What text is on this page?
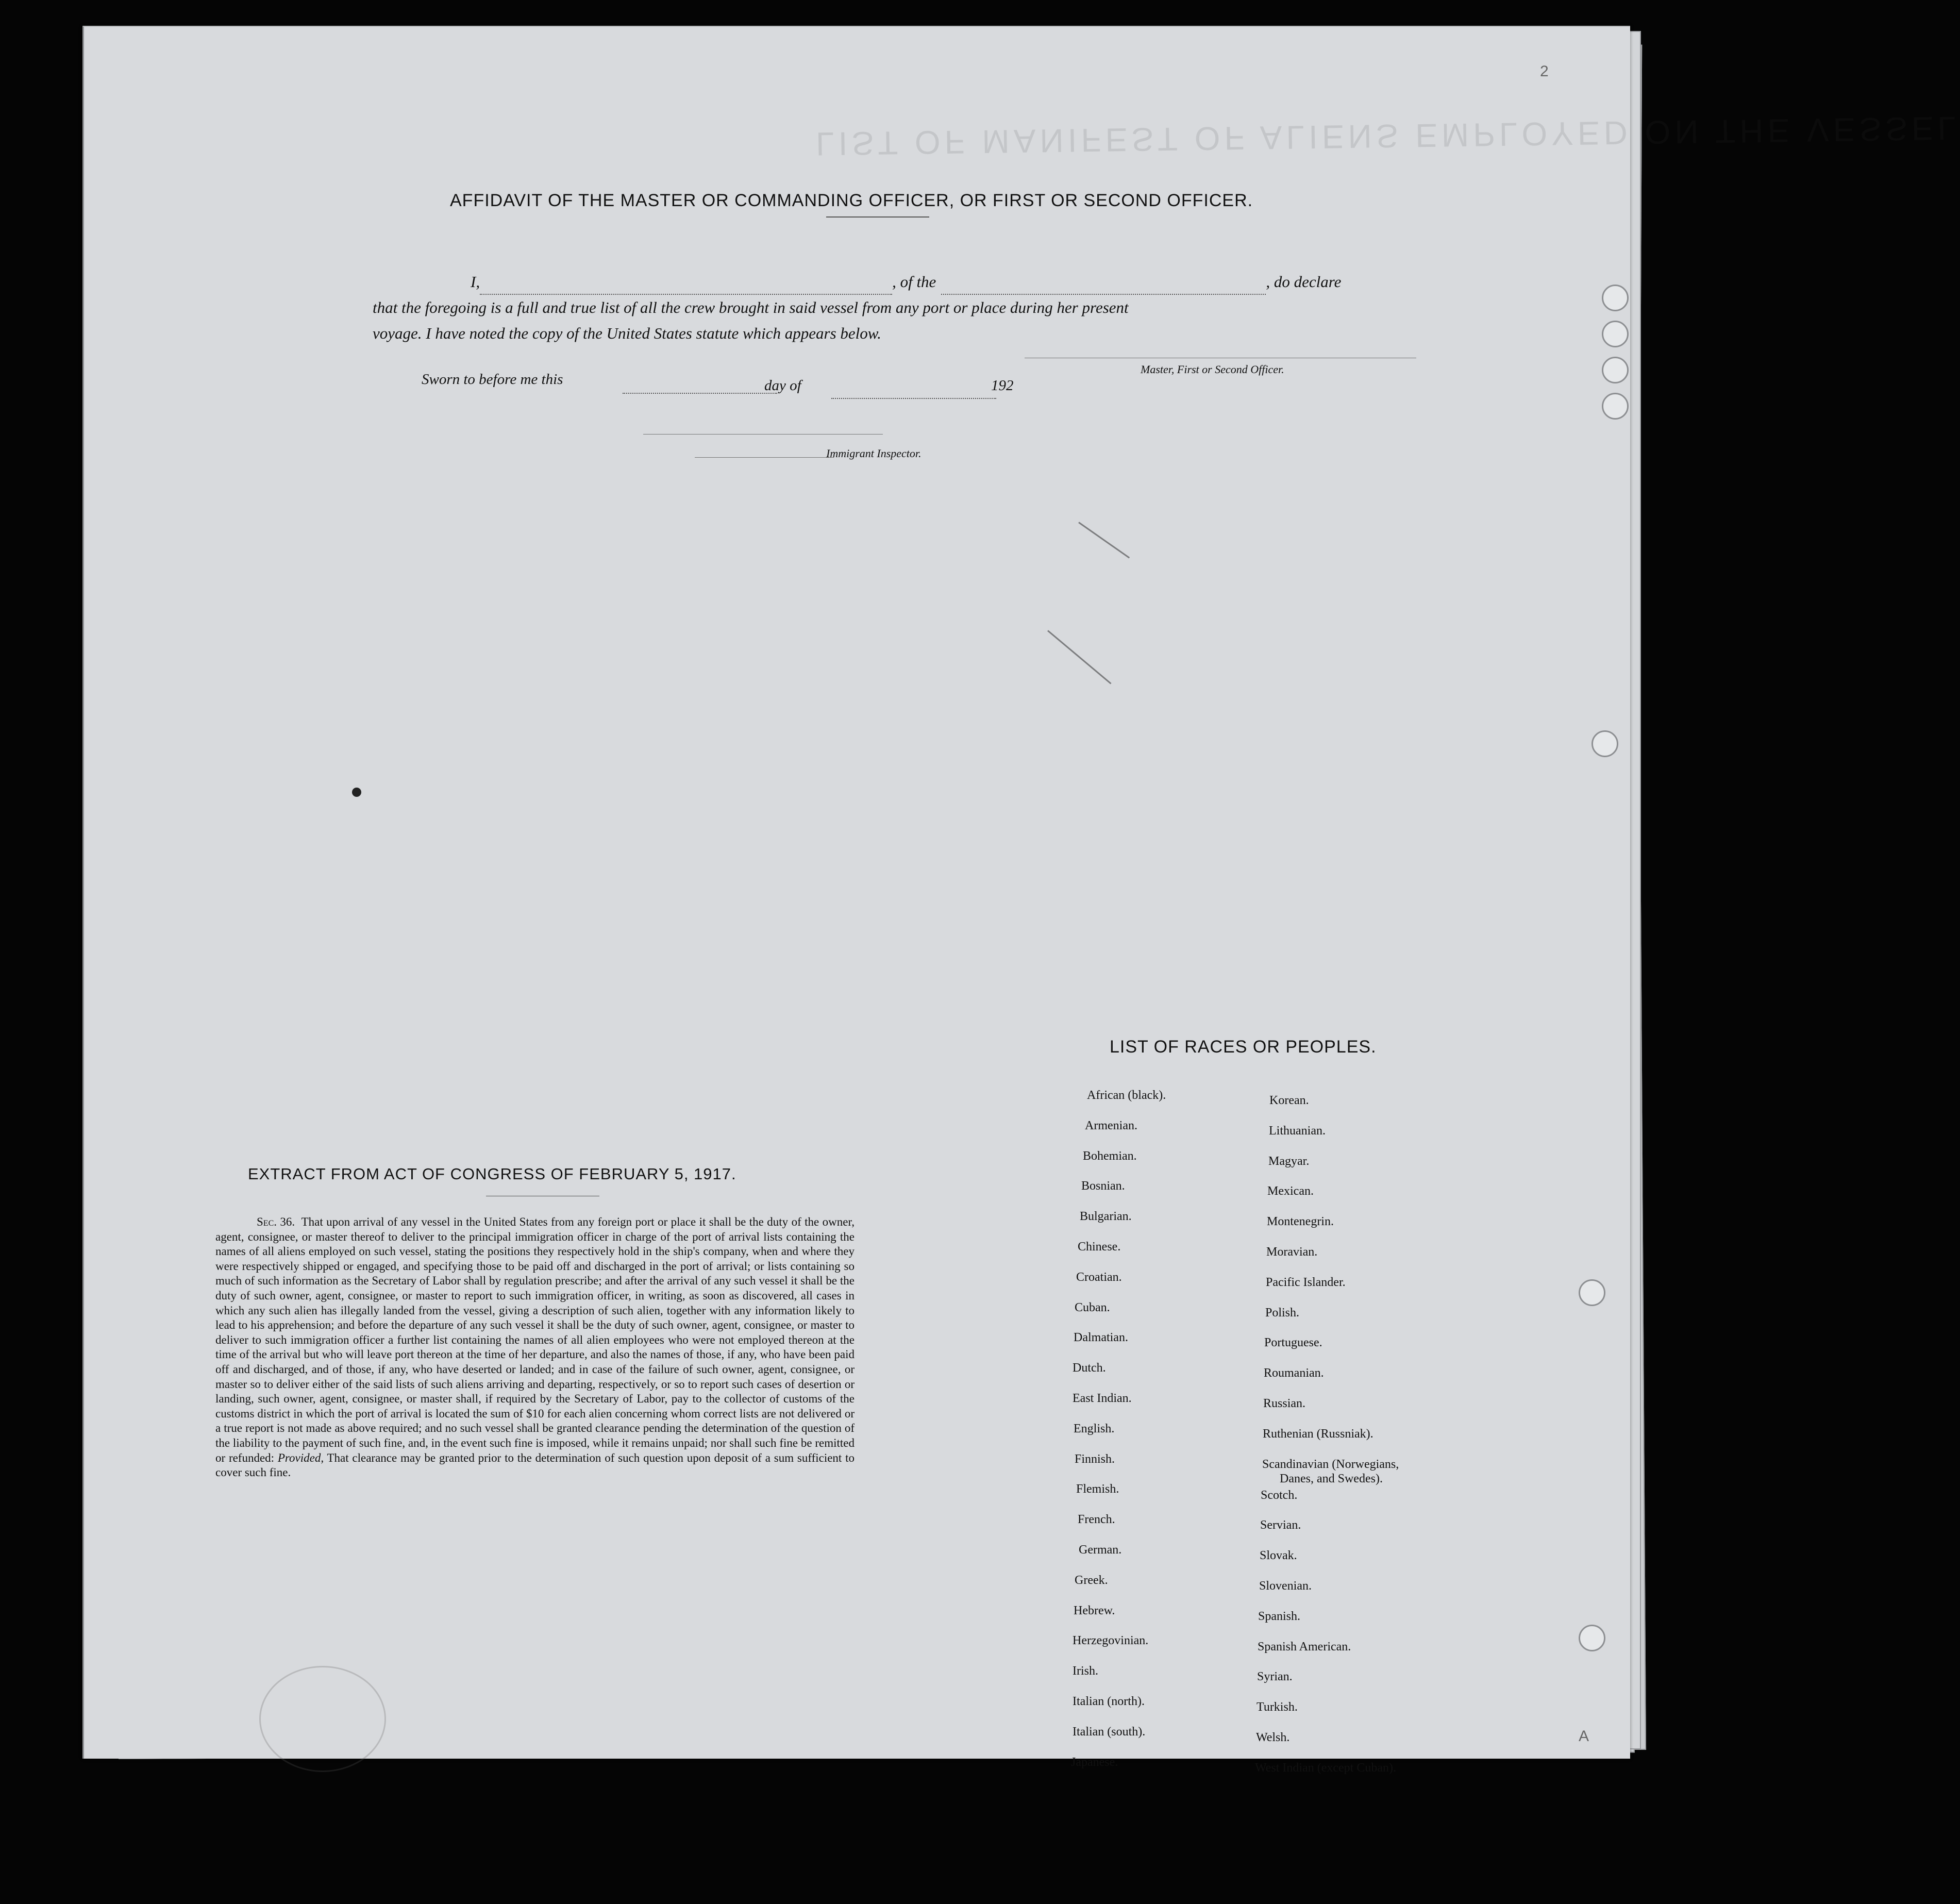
LIST OF MANIFEST OF ALIENS EMPLOYED ON THE VESSEL
2
A
AFFIDAVIT OF THE MASTER OR COMMANDING OFFICER, OR FIRST OR SECOND OFFICER.
I,	, of the	, do declare
that the foregoing is a full and true list of all the crew brought in said vessel from any port or place during her present
voyage. I have noted the copy of the United States statute which appears below.
Master, First or Second Officer.
Sworn to before me this	day of	192
Immigrant Inspector.
EXTRACT FROM ACT OF CONGRESS OF FEBRUARY 5, 1917.

Sec. 36. That upon arrival of any vessel in the United States from any foreign port or place it shall be the duty of the owner, agent, consignee, or master thereof to deliver to the principal immigration officer in charge of the port of arrival lists containing the names of all aliens employed on such vessel, stating the positions they respectively hold in the ship's company, when and where they were respectively shipped or engaged, and specifying those to be paid off and discharged in the port of arrival; or lists containing so much of such information as the Secretary of Labor shall by regulation prescribe; and after the arrival of any such vessel it shall be the duty of such owner, agent, consignee, or master to report to such immigration officer, in writing, as soon as discovered, all cases in which any such alien has illegally landed from the vessel, giving a description of such alien, together with any information likely to lead to his apprehension; and before the departure of any such vessel it shall be the duty of such owner, agent, consignee, or master to deliver to such immigration officer a further list containing the names of all alien employees who were not employed thereon at the time of the arrival but who will leave port thereon at the time of her departure, and also the names of those, if any, who have been paid off and discharged, and of those, if any, who have deserted or landed; and in case of the failure of such owner, agent, consignee, or master so to deliver either of the said lists of such aliens arriving and departing, respectively, or so to report such cases of desertion or landing, such owner, agent, consignee, or master shall, if required by the Secretary of Labor, pay to the collector of customs of the customs district in which the port of arrival is located the sum of $10 for each alien concerning whom correct lists are not delivered or a true report is not made as above required; and no such vessel shall be granted clearance pending the determination of the question of the liability to the payment of such fine, and, in the event such fine is imposed, while it remains unpaid; nor shall such fine be remitted or refunded: Provided, That clearance may be granted prior to the determination of such question upon deposit of a sum sufficient to cover such fine.

LIST OF RACES OR PEOPLES.
African (black).
Armenian.
Bohemian.
Bosnian.
Bulgarian.
Chinese.
Croatian.
Cuban.
Dalmatian.
Dutch.
East Indian.
English.
Finnish.
Flemish.
French.
German.
Greek.
Hebrew.
Herzegovinian.
Irish.
Italian (north).
Italian (south).
Japanese.
Korean.
Lithuanian.
Magyar.
Mexican.
Montenegrin.
Moravian.
Pacific Islander.
Polish.
Portuguese.
Roumanian.
Russian.
Ruthenian (Russniak).
Scandinavian (Norwegians,
Danes, and Swedes).
Scotch.
Servian.
Slovak.
Slovenian.
Spanish.
Spanish American.
Syrian.
Turkish.
Welsh.
West Indian (except Cuban).
